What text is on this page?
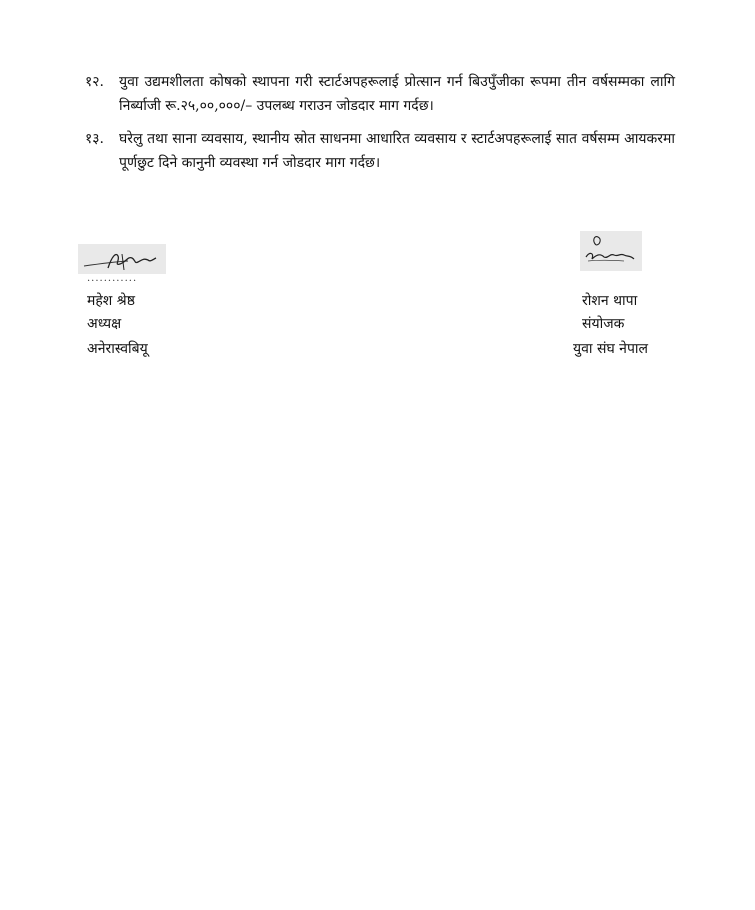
१२.	युवा उद्यमशीलता कोषको स्थापना गरी स्टार्टअपहरूलाई प्रोत्सान गर्न बिउपुँजीका रूपमा तीन वर्षसम्मका लागि निर्ब्याजी रू.२५,००,०००/– उपलब्ध गराउन जोडदार माग गर्दछ।
१३.	घरेलु तथा साना व्यवसाय, स्थानीय स्रोत साधनमा आधारित व्यवसाय र स्टार्टअपहरूलाई सात वर्षसम्म आयकरमा पूर्णछुट दिने कानुनी व्यवस्था गर्न जोडदार माग गर्दछ।
............
महेश श्रेष्ठ
अध्यक्ष
अनेरास्वबियू
रोशन थापा
संयोजक
युवा संघ नेपाल
